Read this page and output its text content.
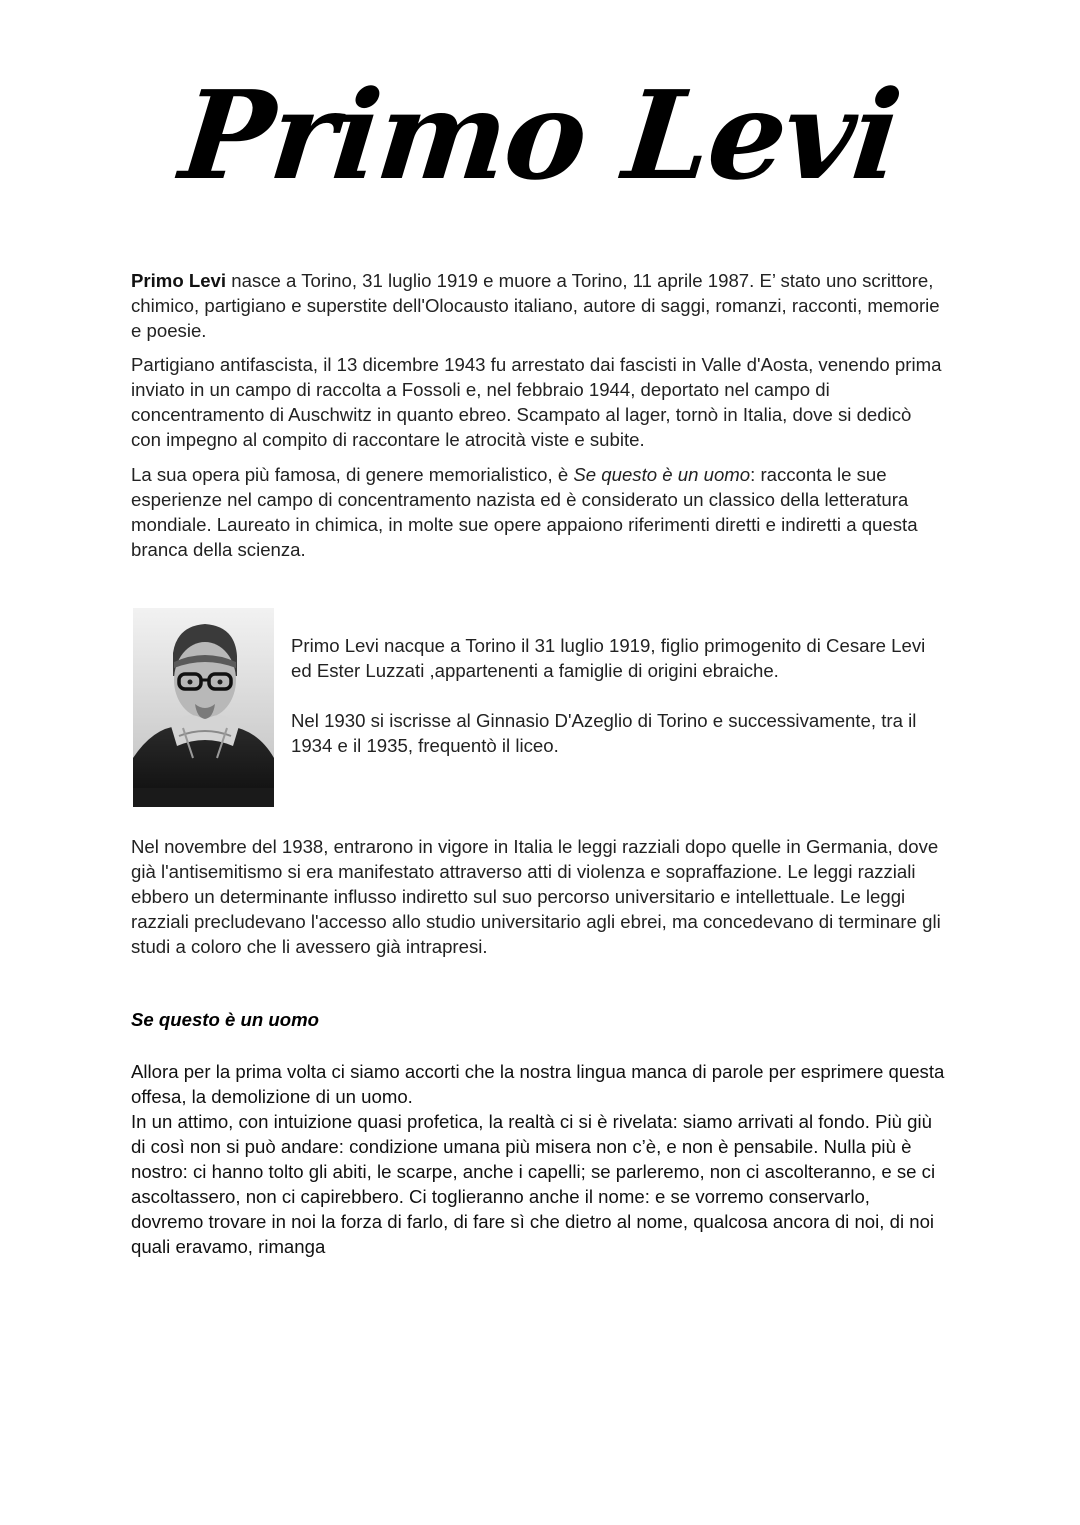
Primo Levi

Primo Levi nasce a Torino, 31 luglio 1919 e muore a Torino, 11 aprile 1987. E’ stato uno scrittore, chimico, partigiano e superstite dell'Olocausto italiano, autore di saggi, romanzi, racconti, memorie e poesie.

Partigiano antifascista, il 13 dicembre 1943 fu arrestato dai fascisti in Valle d'Aosta, venendo prima inviato in un campo di raccolta a Fossoli e, nel febbraio 1944, deportato nel campo di concentramento di Auschwitz in quanto ebreo. Scampato al lager, tornò in Italia, dove si dedicò con impegno al compito di raccontare le atrocità viste e subite.

La sua opera più famosa, di genere memorialistico, è Se questo è un uomo: racconta le sue esperienze nel campo di concentramento nazista ed è considerato un classico della letteratura mondiale. Laureato in chimica, in molte sue opere appaiono riferimenti diretti e indiretti a questa branca della scienza.

Primo Levi nacque a Torino il 31 luglio 1919, figlio primogenito di Cesare Levi ed Ester Luzzati ,appartenenti a famiglie di origini ebraiche.

Nel 1930 si iscrisse al Ginnasio D'Azeglio di Torino e successivamente, tra il 1934 e il 1935, frequentò il liceo.

Nel novembre del 1938, entrarono in vigore in Italia le leggi razziali dopo quelle in Germania, dove già l'antisemitismo si era manifestato attraverso atti di violenza e sopraffazione. Le leggi razziali ebbero un determinante influsso indiretto sul suo percorso universitario e intellettuale. Le leggi razziali precludevano l'accesso allo studio universitario agli ebrei, ma concedevano di terminare gli studi a coloro che li avessero già intrapresi.

Se questo è un uomo

Allora per la prima volta ci siamo accorti che la nostra lingua manca di parole per esprimere questa offesa, la demolizione di un uomo.

In un attimo, con intuizione quasi profetica, la realtà ci si è rivelata: siamo arrivati al fondo. Più giù di così non si può andare: condizione umana più misera non c’è, e non è pensabile. Nulla più è nostro: ci hanno tolto gli abiti, le scarpe, anche i capelli; se parleremo, non ci ascolteranno, e se ci ascoltassero, non ci capirebbero. Ci toglieranno anche il nome: e se vorremo conservarlo, dovremo trovare in noi la forza di farlo, di fare sì che dietro al nome, qualcosa ancora di noi, di noi quali eravamo, rimanga
